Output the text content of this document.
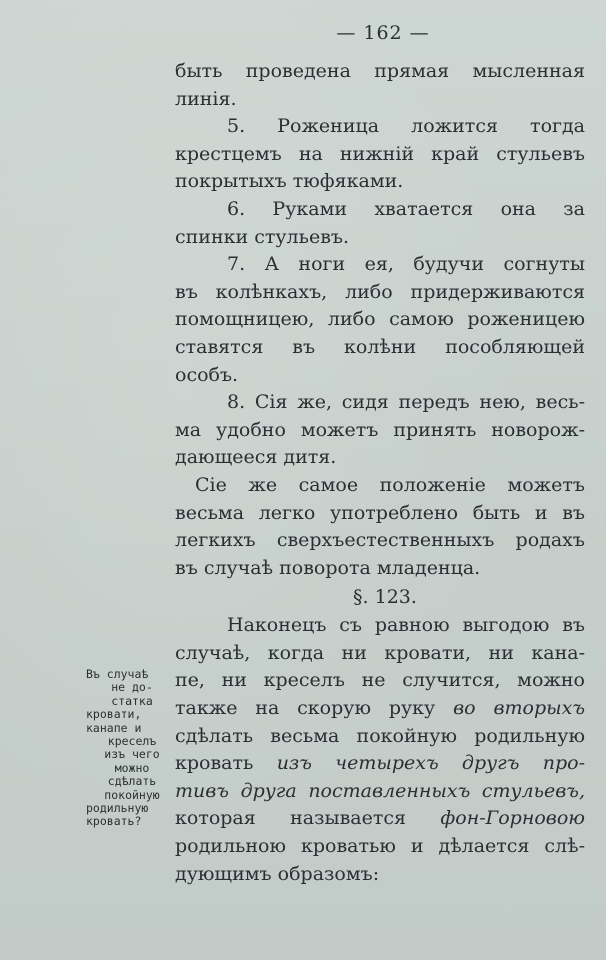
— 162 —
быть проведена прямая мысленная
линія.
5. Роженица ложится тогда
крестцемъ на нижній край стульевъ
покрытыхъ тюфяками.
6. Руками хватается она за
спинки стульевъ.
7. А ноги ея, будучи согнуты
въ колѣнкахъ, либо придерживаются
помощницею, либо самою роженицею
ставятся въ колѣни пособляющей
особъ.
8. Сія же, сидя передъ нею, весь-
ма удобно можетъ принять новорож-
дающееся дитя.
Сіе же самое положеніе можетъ
весьма легко употреблено быть и въ
легкихъ сверхъестественныхъ родахъ
въ случаѣ поворота младенца.
§. 123.
Наконецъ съ равною выгодою въ
случаѣ, когда ни кровати, ни кана-
пе, ни креселъ не случится, можно
также на скорую руку во вторыхъ
сдѣлать весьма покойную родильную
кровать изъ четырехъ другъ про-
тивъ друга поставленныхъ стульевъ,
которая называется фон-Горновою
родильною кроватью и дѣлается слѣ-
дующимъ образомъ:
Въ случаѣ
не до-
статка
кровати,
канапе и
креселъ
изъ чего
можно
сдѣлать
покойную
родильную
кровать?
